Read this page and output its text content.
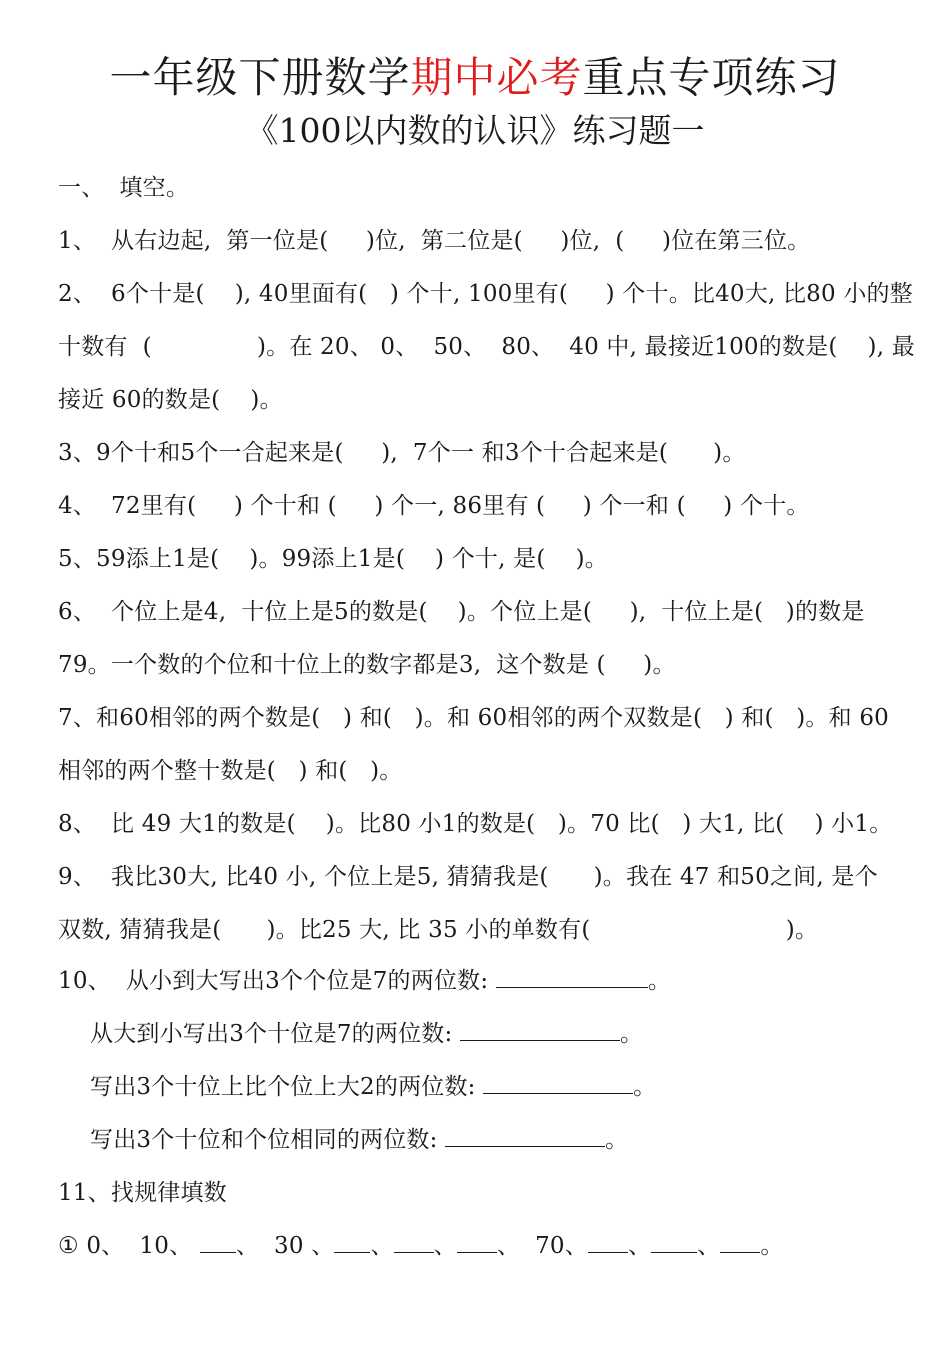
一年级下册数学期中必考重点专项练习
《100以内数的认识》练习题一
一、  填空。
1、  从右边起,  第一位是(     )位,  第二位是(     )位,  (     )位在第三位。
2、  6个十是(    ), 40里面有(   ) 个十, 100里有(     ) 个十。比40大, 比80 小的整
十数有  (              )。在 20、 0、  50、  80、  40 中, 最接近100的数是(    ), 最
接近 60的数是(    )。
3、9个十和5个一合起来是(     ),  7个一 和3个十合起来是(      )。
4、  72里有(     ) 个十和 (     ) 个一, 86里有 (     ) 个一和 (     ) 个十。
5、59添上1是(    )。99添上1是(    ) 个十, 是(    )。
6、  个位上是4,  十位上是5的数是(    )。个位上是(     ),  十位上是(   )的数是
79。一个数的个位和十位上的数字都是3,  这个数是 (     )。
7、和60相邻的两个数是(   ) 和(   )。和 60相邻的两个双数是(   ) 和(   )。和 60
相邻的两个整十数是(   ) 和(   )。
8、  比 49 大1的数是(    )。比80 小1的数是(   )。70 比(   ) 大1, 比(    ) 小1。
9、  我比30大, 比40 小, 个位上是5, 猜猜我是(      )。我在 47 和50之间, 是个
双数, 猜猜我是(      )。比25 大, 比 35 小的单数有(                          )。
10、  从小到大写出3个个位是7的两位数:	。
从大到小写出3个十位是7的两位数:	。
写出3个十位上比个位上大2的两位数:	。
写出3个十位和个位相同的两位数:	。
11、找规律填数
① 0、 10、 、 30 、 、 、 、 70、 、 、 。
